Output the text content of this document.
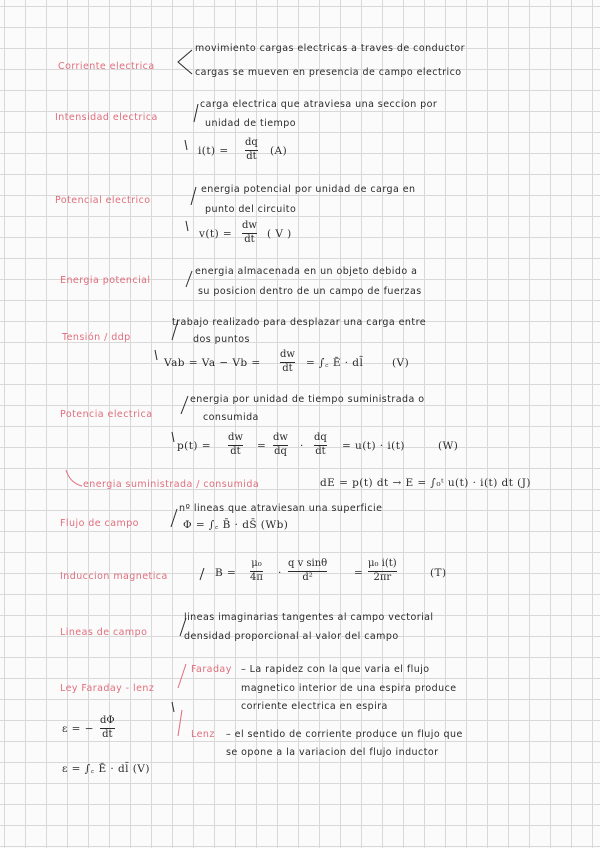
Corriente electrica
movimiento cargas electricas a traves de conductor
cargas se mueven en presencia de campo electrico
Intensidad electrica
carga electrica que atraviesa una seccion por
unidad de tiempo
i(t) =
dq
dt (A)
Potencial electrico
energia potencial por unidad de carga en
punto del circuito
v(t) =
dw
dt ( V )
Energia potencial
energia almacenada en un objeto debido a
su posicion dentro de un campo de fuerzas
Tensión / ddp
trabajo realizado para desplazar una carga entre
dos puntos
Vab = Va − Vb =
dw
dt = ∫꜀ Ē · dl̄	(V)
Potencia electrica
energia por unidad de tiempo suministrada o
consumida
p(t) =
dw
dt =
dw
dq ·
dq
dt = u(t) · i(t)	(W)
energia suministrada / consumida	dE = p(t) dt → E = ∫₀ᵗ u(t) · i(t) dt (J)
Flujo de campo
nº lineas que atraviesan una superficie
Φ = ∫꜀ B̄ · dS̄ (Wb)
Induccion magnetica	B =
μ₀
4π ·
q v sinθ
d²	=
μ₀ i(t)
2πr	(T)
Lineas de campo
lineas imaginarias tangentes al campo vectorial
densidad proporcional al valor del campo
Ley Faraday - lenz
Faraday – La rapidez con la que varia el flujo
magnetico interior de una espira produce
corriente electrica en espira
Lenz – el sentido de corriente produce un flujo que
se opone a la variacion del flujo inductor
ε = −
dΦ
dt
ε = ∫꜀ Ē · dl̄ (V)
